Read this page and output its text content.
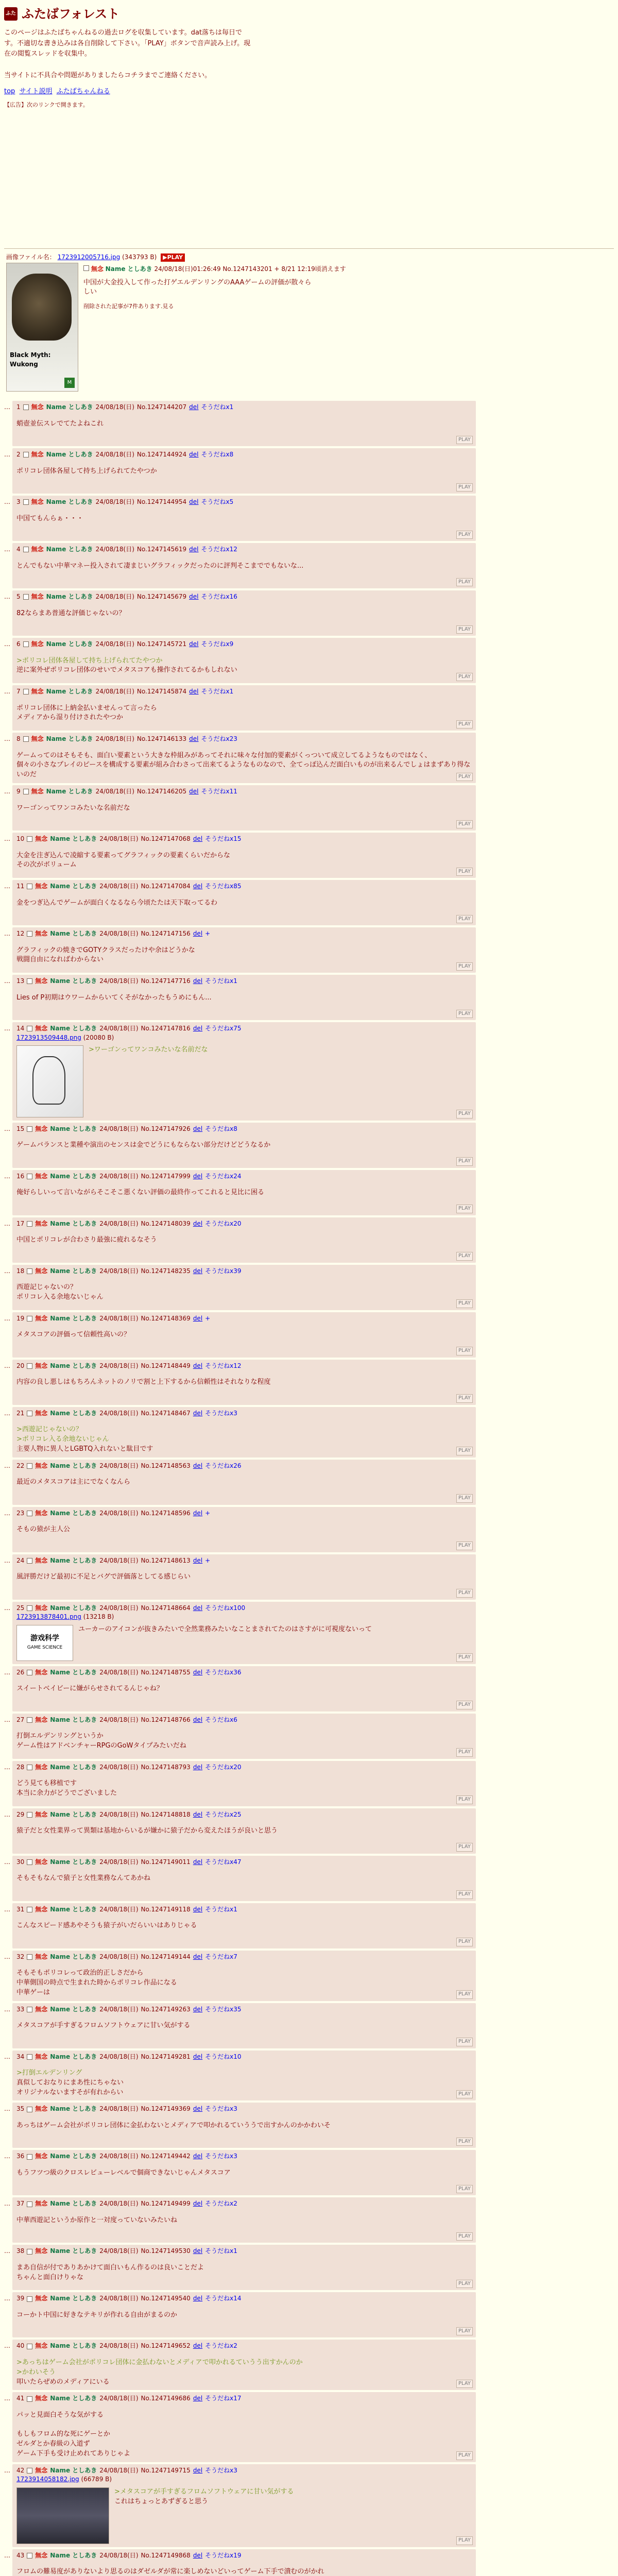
ふた ふたばフォレスト

このページはふたばちゃんねるの過去ログを収集しています。dat落ちは毎日で

す。不適切な書き込みは各自削除して下さい。「PLAY」ボタンで音声読み上げ。現

在の閲覧スレッドを収集中。

当サイトに不具合や問題がありましたらコチラまでご連絡ください。

top サイト説明 ふたばちゃんねる
【広告】次のリンクで開きます。
画像ファイル名： 1723912005716.jpg (343793 B) ▶PLAY
Black Myth: Wukong
M
無念 Name としあき 24/08/18(日)01:26:49 No.1247143201 + 8/21 12:19頃消えます
中国が大金投入して作った打ゲエルデンリングのAAAゲームの評価が散々ら
しい
削除された記事が7件あります.見る
…	1 無念 Name としあき 24/08/18(日) No.1247144207 del そうだねx1
蛸壺並伝スレでてたよねこれ
PLAY
…	2 無念 Name としあき 24/08/18(日) No.1247144924 del そうだねx8
ポリコレ団体各屋して持ち上げられてたやつか
PLAY
…	3 無念 Name としあき 24/08/18(日) No.1247144954 del そうだねx5
中国てもんらぁ・・・
PLAY
…	4 無念 Name としあき 24/08/18(日) No.1247145619 del そうだねx12
とんでもない中華マネー投入されて凄まじいグラフィックだったのに評判そこまででもないな...
PLAY
…	5 無念 Name としあき 24/08/18(日) No.1247145679 del そうだねx16
82ならまあ普通な評価じゃないの？
PLAY
…	6 無念 Name としあき 24/08/18(日) No.1247145721 del そうだねx9
>ポリコレ団体各屋して持ち上げられてたやつか
逆に案外ぜポリコレ団体のせいでメタスコアも操作されてるかもしれない
PLAY
…	7 無念 Name としあき 24/08/18(日) No.1247145874 del そうだねx1
ポリコレ団体に上納金払いませんって言ったら
メディアから湿り付けされたやつか
PLAY
…	8 無念 Name としあき 24/08/18(日) No.1247146133 del そうだねx23
ゲームってのはそもそも、面白い要素という大きな枠組みがあってそれに味々な付加的要素がくっついて成立してるようなものではなく、
個々の小さなプレイのピースを構成する要素が組み合わさって出来てるようなものなので、全てっぽ込んだ面白いものが出来るんでしょはまずあり得ないのだ	PLAY
…	9 無念 Name としあき 24/08/18(日) No.1247146205 del そうだねx11
ワーゴンってワンコみたいな名前だな
PLAY
…	10 無念 Name としあき 24/08/18(日) No.1247147068 del そうだねx15
大金を注ぎ込んで凌縮する要素ってグラフィックの要素くらいだからな
その次がボリューム
PLAY
…	11 無念 Name としあき 24/08/18(日) No.1247147084 del そうだねx85
金をつぎ込んでゲームが面白くなるなら今頃たたは天下取ってるわ
PLAY
…	12 無念 Name としあき 24/08/18(日) No.1247147156 del +
グラフィックの焼きでGOTYクラスだったけや余はどうかな
戦闘自由になればわからない
PLAY
…	13 無念 Name としあき 24/08/18(日) No.1247147716 del そうだねx1
Lies of P初期はウワームからいてくそがなかったもうめにもん...
PLAY
…	14 無念 Name としあき 24/08/18(日) No.1247147816 del そうだねx75
1723913509448.png (20080 B)
>ワーゴンってワンコみたいな名前だな
PLAY
…	15 無念 Name としあき 24/08/18(日) No.1247147926 del そうだねx8
ゲームバランスと業種や演出のセンスは金でどうにもならない部分だけどどうなるか
PLAY
…	16 無念 Name としあき 24/08/18(日) No.1247147999 del そうだねx24
俺好らしいって言いながらそこそこ悪くない評価の最終作ってこれると見比に困る
PLAY
…	17 無念 Name としあき 24/08/18(日) No.1247148039 del そうだねx20
中国とポリコレが合わさり最強に疲れるなそう
PLAY
…	18 無念 Name としあき 24/08/18(日) No.1247148235 del そうだねx39
西遊記じゃないの？
ポリコレ入る余地ないじゃん
PLAY
…	19 無念 Name としあき 24/08/18(日) No.1247148369 del +
メタスコアの評価って信頼性高いの？
PLAY
…	20 無念 Name としあき 24/08/18(日) No.1247148449 del そうだねx12
内容の良し悪しはもちろんネットのノリで割と上下するから信頼性はそれなりな程度
PLAY
…	21 無念 Name としあき 24/08/18(日) No.1247148467 del そうだねx3
>西遊記じゃないの？
>ポリコレ入る余地ないじゃん
主要人物に異人とLGBTQ入れないと駄目です	PLAY
…	22 無念 Name としあき 24/08/18(日) No.1247148563 del そうだねx26
最近のメタスコアは主にでなくなんら
PLAY
…	23 無念 Name としあき 24/08/18(日) No.1247148596 del +
そもの猿が主人公
PLAY
…	24 無念 Name としあき 24/08/18(日) No.1247148613 del +
風評勝だけど最初に不足とバグで評価落としてる感じらい
PLAY
…	25 無念 Name としあき 24/08/18(日) No.1247148664 del そうだねx100
1723913878401.png (13218 B)
游戏科学
GAME SCIENCE
ユーカーのアイコンが抜きみたいで全然業務みたいなことまされてたのはさすがに可視度ないって
PLAY
…	26 無念 Name としあき 24/08/18(日) No.1247148755 del そうだねx36
スイートベイビーに嫌がらせされてるんじゃね？
PLAY
…	27 無念 Name としあき 24/08/18(日) No.1247148766 del そうだねx6
打倒エルデンリングというか
ゲーム性はアドベンチャーRPGのGoWタイプみたいだね
PLAY
…	28 無念 Name としあき 24/08/18(日) No.1247148793 del そうだねx20
どう見ても移植です
本当に余力がどうでございました
PLAY
…	29 無念 Name としあき 24/08/18(日) No.1247148818 del そうだねx25
猿子だと女性業界って異類は基地からいるが嫌かに猿子だから変えたほうが良いと思う
PLAY
…	30 無念 Name としあき 24/08/18(日) No.1247149011 del そうだねx47
そもそもなんで猿子と女性業務なんてあかね
PLAY
…	31 無念 Name としあき 24/08/18(日) No.1247149118 del そうだねx1
こんなスピード感あやそうも猿子がいだらいいはありじゃる
PLAY
…	32 無念 Name としあき 24/08/18(日) No.1247149144 del そうだねx7
そもそもポリコレって政治的正しさだから
中華側国の時点で生まれた時からポリコレ作品になる
中華ゲーは	PLAY
…	33 無念 Name としあき 24/08/18(日) No.1247149263 del そうだねx35
メタスコアが手すぎるフロムソフトウェアに甘い気がする
PLAY
…	34 無念 Name としあき 24/08/18(日) No.1247149281 del そうだねx10
>打倒エルデンリング
真似しておなりにまあ性にちゃない
オリジナルないますそが有れからい	PLAY
…	35 無念 Name としあき 24/08/18(日) No.1247149369 del そうだねx3
あっちはゲーム会社がポリコレ団体に金払わないとメディアで叩かれるていううで出すかんのかかわいそ
PLAY
…	36 無念 Name としあき 24/08/18(日) No.1247149442 del そうだねx3
もうフツつ級のクロスレビューレベルで個商できないじゃんメタスコア
PLAY
…	37 無念 Name としあき 24/08/18(日) No.1247149499 del そうだねx2
中華西遊記というか原作と一対度っていないみたいね
PLAY
…	38 無念 Name としあき 24/08/18(日) No.1247149530 del そうだねx1
まあ自信が付でありあかけて面白いもん作るのは良いことだよ
ちゃんと面白けりゃな
PLAY
…	39 無念 Name としあき 24/08/18(日) No.1247149540 del そうだねx14
コーかト中国に好きなテキリが作れる自由がまるのか
PLAY
…	40 無念 Name としあき 24/08/18(日) No.1247149652 del そうだねx2
>あっちはゲーム会社がポリコレ団体に金払わないとメディアで叩かれるていうう出すかんのか
>かわいそう
叩いたらぜめのメディアにいる	PLAY
…	41 無念 Name としあき 24/08/18(日) No.1247149686 del そうだねx17
パッと見面白そうな気がする

もしもフロム的な死にゲーとか
ゼルダとか春級の入道ず
ゲーム下手も受け止めれてありじゃよ	PLAY
…	42 無念 Name としあき 24/08/18(日) No.1247149715 del そうだねx3
1723914058182.jpg (66789 B)
>メタスコアが手すぎるフロムソフトウェアに甘い気がする
これはちょっとあずぎると思う
PLAY
…	43 無念 Name としあき 24/08/18(日) No.1247149868 del そうだねx19
フロムの難易度がありないより思るのはダゼルダが常に楽しめないどいってゲーム下手で潰むのがかれ
